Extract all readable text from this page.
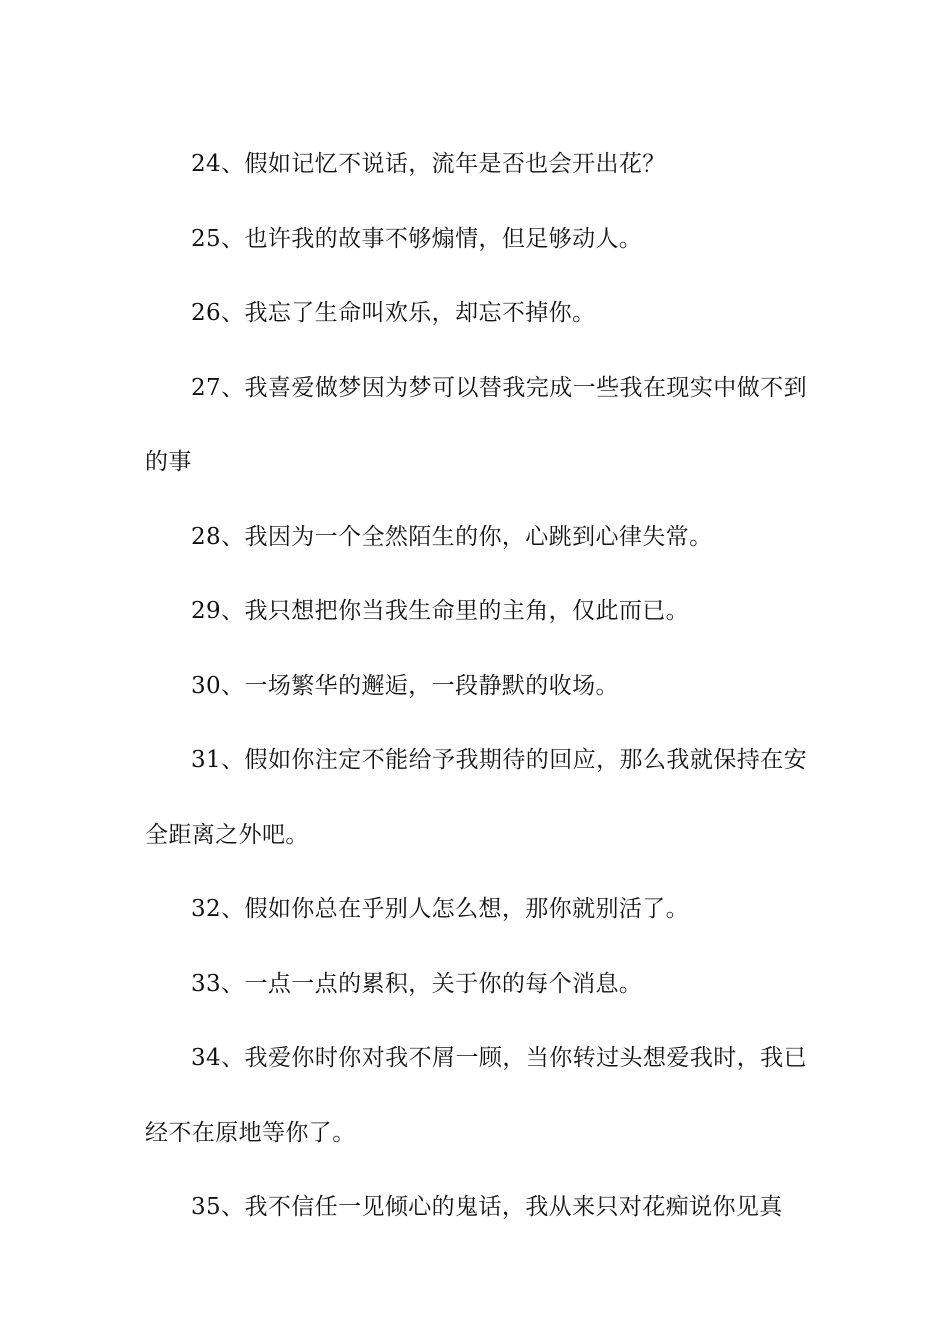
24、假如记忆不说话，流年是否也会开出花？

25、也许我的故事不够煽情，但足够动人。

26、我忘了生命叫欢乐，却忘不掉你。

27、我喜爱做梦因为梦可以替我完成一些我在现实中做不到的事

28、我因为一个全然陌生的你，心跳到心律失常。

29、我只想把你当我生命里的主角，仅此而已。

30、一场繁华的邂逅，一段静默的收场。

31、假如你注定不能给予我期待的回应，那么我就保持在安全距离之外吧。

32、假如你总在乎别人怎么想，那你就别活了。

33、一点一点的累积，关于你的每个消息。

34、我爱你时你对我不屑一顾，当你转过头想爱我时，我已经不在原地等你了。

35、我不信任一见倾心的鬼话，我从来只对花痴说你见真
